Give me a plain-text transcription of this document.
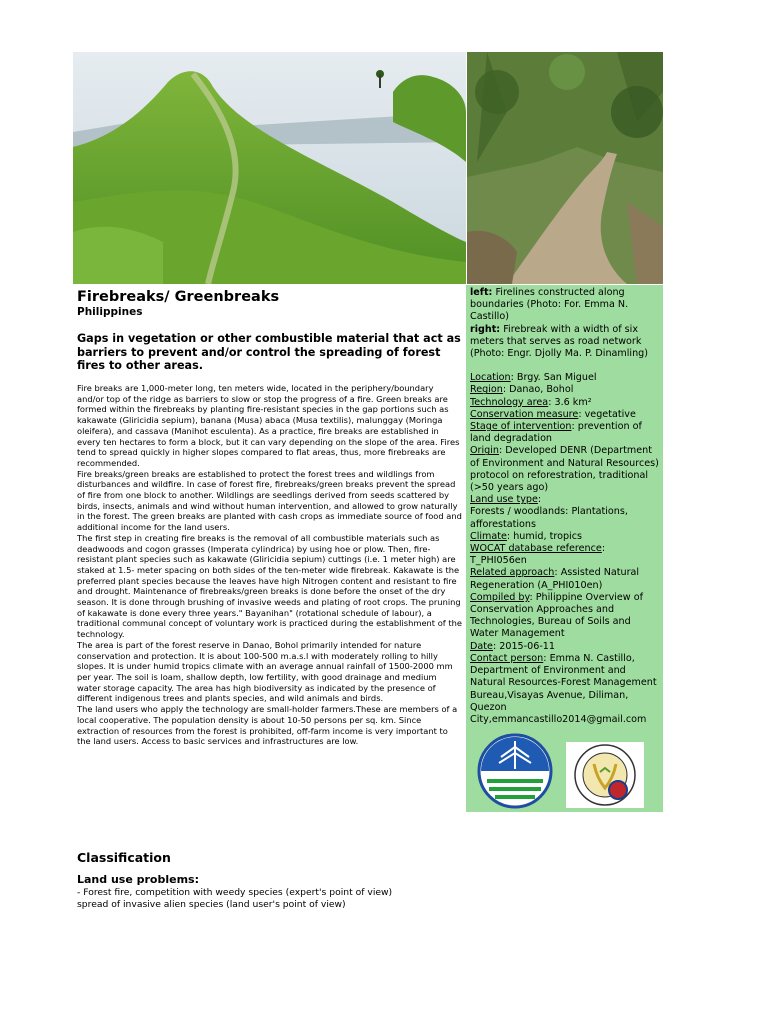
Firebreaks/ Greenbreaks
Philippines

Gaps in vegetation or other combustible material that act as barriers to prevent and/or control the spreading of forest fires to other areas.

Fire breaks are 1,000-meter long, ten meters wide, located in the periphery/boundary and/or top of the ridge as barriers to slow or stop the progress of a fire. Green breaks are formed within the firebreaks by planting fire-resistant species in the gap portions such as kakawate (Gliricidia sepium), banana (Musa) abaca (Musa textilis), malunggay (Moringa oleifera), and cassava (Manihot esculenta). As a practice, fire breaks are established in every ten hectares to form a block, but it can vary depending on the slope of the area. Fires tend to spread quickly in higher slopes compared to flat areas, thus, more firebreaks are recommended.

Fire breaks/green breaks are established to protect the forest trees and wildlings from disturbances and wildfire. In case of forest fire, firebreaks/green breaks prevent the spread of fire from one block to another. Wildlings are seedlings derived from seeds scattered by birds, insects, animals and wind without human intervention, and allowed to grow naturally in the forest. The green breaks are planted with cash crops as immediate source of food and additional income for the land users.

The first step in creating fire breaks is the removal of all combustible materials such as deadwoods and cogon grasses (Imperata cylindrica) by using hoe or plow. Then, fire-resistant plant species such as kakawate (Gliricidia sepium) cuttings (i.e. 1 meter high) are staked at 1.5- meter spacing on both sides of the ten-meter wide firebreak. Kakawate is the preferred plant species because the leaves have high Nitrogen content and resistant to fire and drought. Maintenance of firebreaks/green breaks is done before the onset of the dry season. It is done through brushing of invasive weeds and plating of root crops. The pruning of kakawate is done every three years." Bayanihan" (rotational schedule of labour), a traditional communal concept of voluntary work is practiced during the establishment of the technology.

The area is part of the forest reserve in Danao, Bohol primarily intended for nature conservation and protection. It is about 100-500 m.a.s.l with moderately rolling to hilly slopes. It is under humid tropics climate with an average annual rainfall of 1500-2000 mm per year. The soil is loam, shallow depth, low fertility, with good drainage and medium water storage capacity. The area has high biodiversity as indicated by the presence of different indigenous trees and plants species, and wild animals and birds.

The land users who apply the technology are small-holder farmers.These are members of a local cooperative. The population density is about 10-50 persons per sq. km. Since extraction of resources from the forest is prohibited, off-farm income is very important to the land users. Access to basic services and infrastructures are low.

left: Firelines constructed along boundaries (Photo: For. Emma N. Castillo)

right: Firebreak with a width of six meters that serves as road network (Photo: Engr. Djolly Ma. P. Dinamling)

Location: Brgy. San Miguel

Region: Danao, Bohol

Technology area: 3.6 km²

Conservation measure: vegetative

Stage of intervention: prevention of land degradation

Origin: Developed DENR (Department of Environment and Natural Resources) protocol on reforestration, traditional (>50 years ago)

Land use type:
Forests / woodlands: Plantations, afforestations

Climate: humid, tropics

WOCAT database reference:
T_PHI056en

Related approach: Assisted Natural Regeneration (A_PHI010en)

Compiled by: Philippine Overview of Conservation Approaches and Technologies, Bureau of Soils and Water Management

Date: 2015-06-11

Contact person: Emma N. Castillo, Department of Environment and Natural Resources-Forest Management Bureau,Visayas Avenue, Diliman, Quezon City,emmancastillo2014@gmail.com

Classification
Land use problems:

- Forest fire, competition with weedy species (expert's point of view)

spread of invasive alien species (land user's point of view)
